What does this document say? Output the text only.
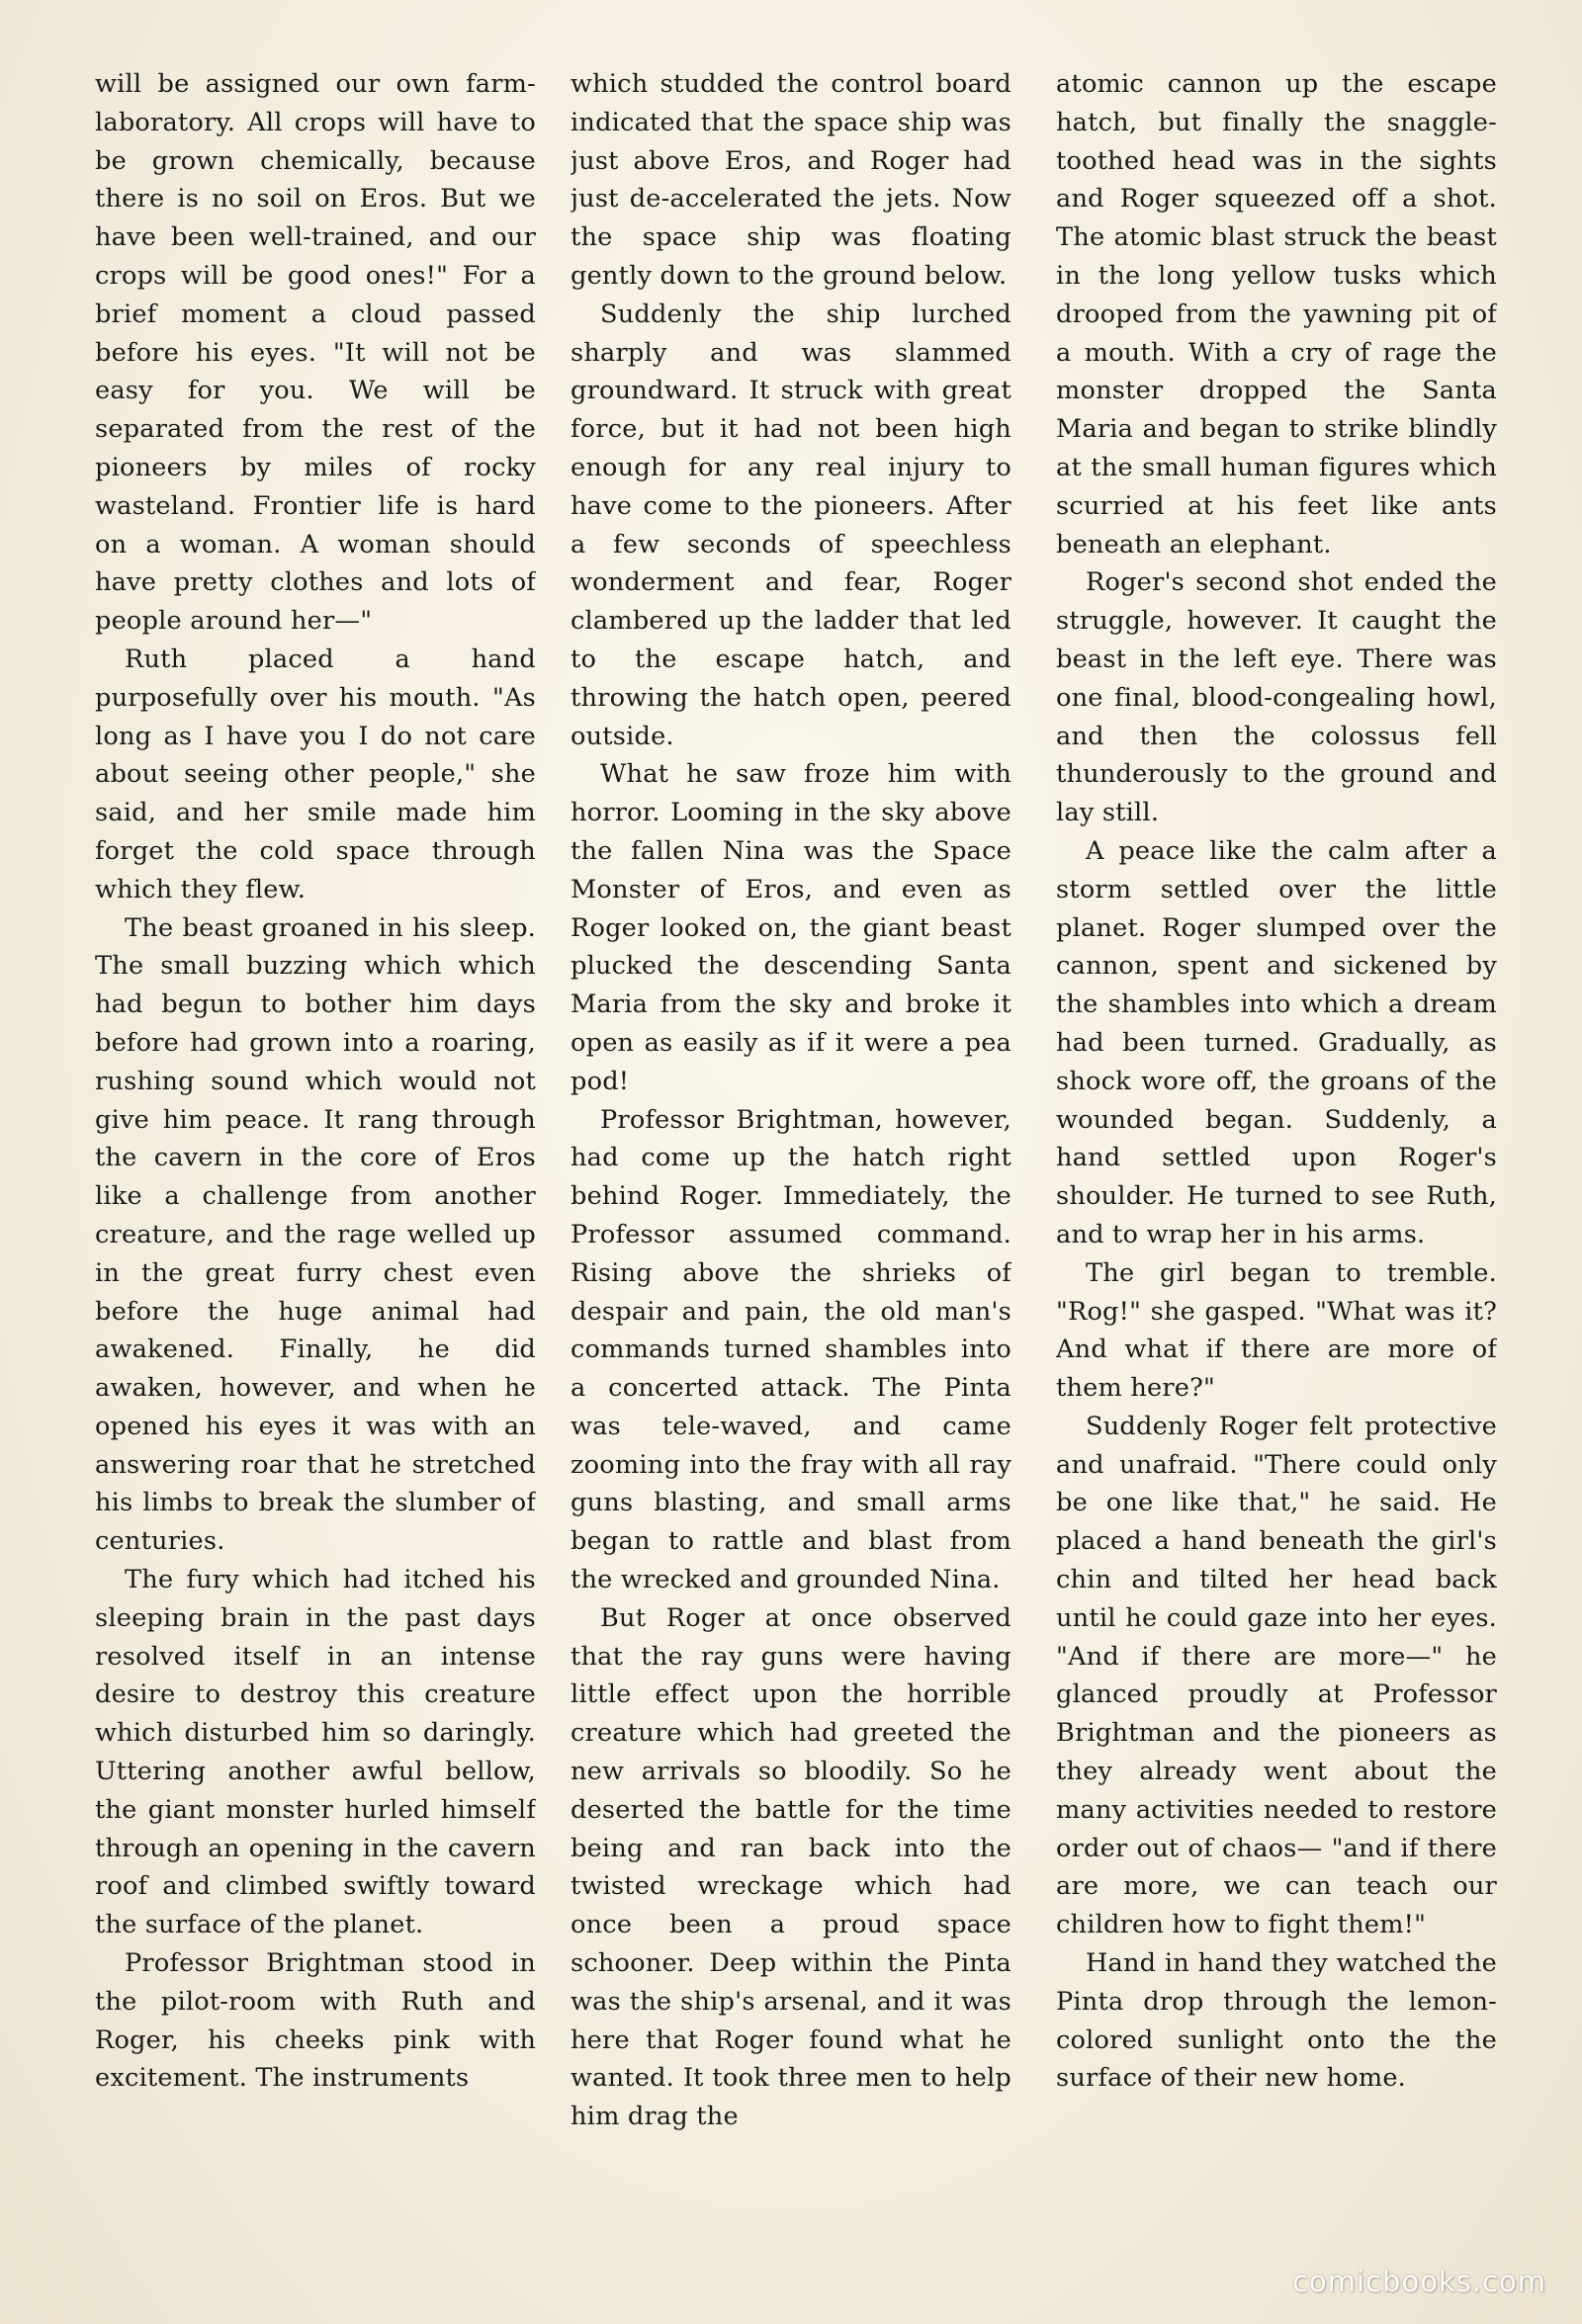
will be assigned our own farm-laboratory. All crops will have to be grown chemically, because there is no soil on Eros. But we have been well-trained, and our crops will be good ones!" For a brief moment a cloud passed before his eyes. "It will not be easy for you. We will be separated from the rest of the pioneers by miles of rocky wasteland. Frontier life is hard on a woman. A woman should have pretty clothes and lots of people around her—"

Ruth placed a hand purposefully over his mouth. "As long as I have you I do not care about seeing other people," she said, and her smile made him forget the cold space through which they flew.

The beast groaned in his sleep. The small buzzing which which had begun to bother him days before had grown into a roaring, rushing sound which would not give him peace. It rang through the cavern in the core of Eros like a challenge from another creature, and the rage welled up in the great furry chest even before the huge animal had awakened. Finally, he did awaken, however, and when he opened his eyes it was with an answering roar that he stretched his limbs to break the slumber of centuries.

The fury which had itched his sleeping brain in the past days resolved itself in an intense desire to destroy this creature which disturbed him so daringly. Uttering another awful bellow, the giant monster hurled himself through an opening in the cavern roof and climbed swiftly toward the surface of the planet.

Professor Brightman stood in the pilot-room with Ruth and Roger, his cheeks pink with excitement. The instruments

which studded the control board indicated that the space ship was just above Eros, and Roger had just de-accelerated the jets. Now the space ship was floating gently down to the ground below.

Suddenly the ship lurched sharply and was slammed groundward. It struck with great force, but it had not been high enough for any real injury to have come to the pioneers. After a few seconds of speechless wonderment and fear, Roger clambered up the ladder that led to the escape hatch, and throwing the hatch open, peered outside.

What he saw froze him with horror. Looming in the sky above the fallen Nina was the Space Monster of Eros, and even as Roger looked on, the giant beast plucked the descending Santa Maria from the sky and broke it open as easily as if it were a pea pod!

Professor Brightman, however, had come up the hatch right behind Roger. Immediately, the Professor assumed command. Rising above the shrieks of despair and pain, the old man's commands turned shambles into a concerted attack. The Pinta was tele-waved, and came zooming into the fray with all ray guns blasting, and small arms began to rattle and blast from the wrecked and grounded Nina.

But Roger at once observed that the ray guns were having little effect upon the horrible creature which had greeted the new arrivals so bloodily. So he deserted the battle for the time being and ran back into the twisted wreckage which had once been a proud space schooner. Deep within the Pinta was the ship's arsenal, and it was here that Roger found what he wanted. It took three men to help him drag the

atomic cannon up the escape hatch, but finally the snaggle-toothed head was in the sights and Roger squeezed off a shot. The atomic blast struck the beast in the long yellow tusks which drooped from the yawning pit of a mouth. With a cry of rage the monster dropped the Santa Maria and began to strike blindly at the small human figures which scurried at his feet like ants beneath an elephant.

Roger's second shot ended the struggle, however. It caught the beast in the left eye. There was one final, blood-congealing howl, and then the colossus fell thunderously to the ground and lay still.

A peace like the calm after a storm settled over the little planet. Roger slumped over the cannon, spent and sickened by the shambles into which a dream had been turned. Gradually, as shock wore off, the groans of the wounded began. Suddenly, a hand settled upon Roger's shoulder. He turned to see Ruth, and to wrap her in his arms.

The girl began to tremble. "Rog!" she gasped. "What was it? And what if there are more of them here?"

Suddenly Roger felt protective and unafraid. "There could only be one like that," he said. He placed a hand beneath the girl's chin and tilted her head back until he could gaze into her eyes. "And if there are more—" he glanced proudly at Professor Brightman and the pioneers as they already went about the many activities needed to restore order out of chaos— "and if there are more, we can teach our children how to fight them!"

Hand in hand they watched the Pinta drop through the lemon-colored sunlight onto the the surface of their new home.

comicbooks.com
